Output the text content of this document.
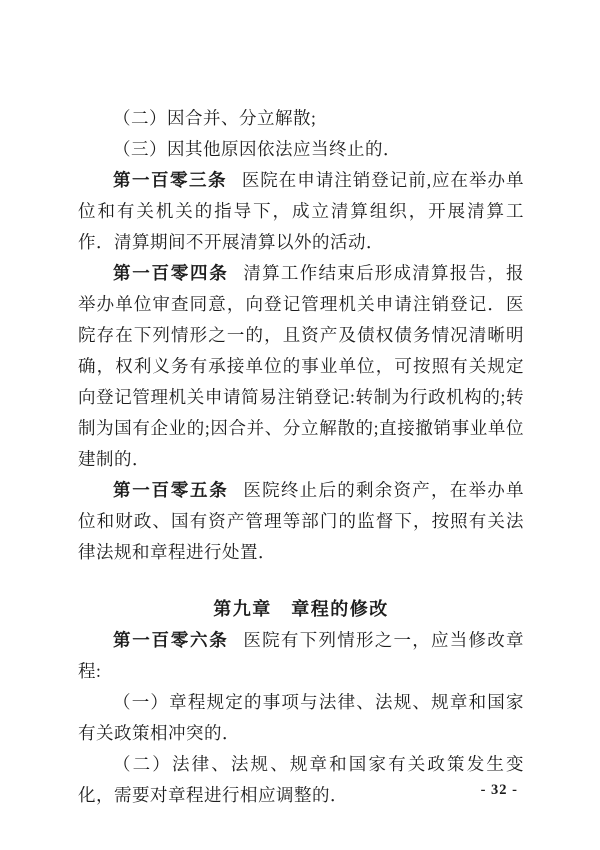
（二）因合并、分立解散;

（三）因其他原因依法应当终止的．

第一百零三条 医院在申请注销登记前,应在举办单位和有关机关的指导下，成立清算组织，开展清算工作．清算期间不开展清算以外的活动．

第一百零四条 清算工作结束后形成清算报告，报举办单位审查同意，向登记管理机关申请注销登记．医院存在下列情形之一的，且资产及债权债务情况清晰明确，权利义务有承接单位的事业单位，可按照有关规定向登记管理机关申请简易注销登记:转制为行政机构的;转制为国有企业的;因合并、分立解散的;直接撤销事业单位建制的．

第一百零五条 医院终止后的剩余资产，在举办单位和财政、国有资产管理等部门的监督下，按照有关法律法规和章程进行处置．

第九章　章程的修改

第一百零六条 医院有下列情形之一，应当修改章程:

（一）章程规定的事项与法律、法规、规章和国家有关政策相冲突的．

（二）法律、法规、规章和国家有关政策发生变化，需要对章程进行相应调整的．	- 32 -
